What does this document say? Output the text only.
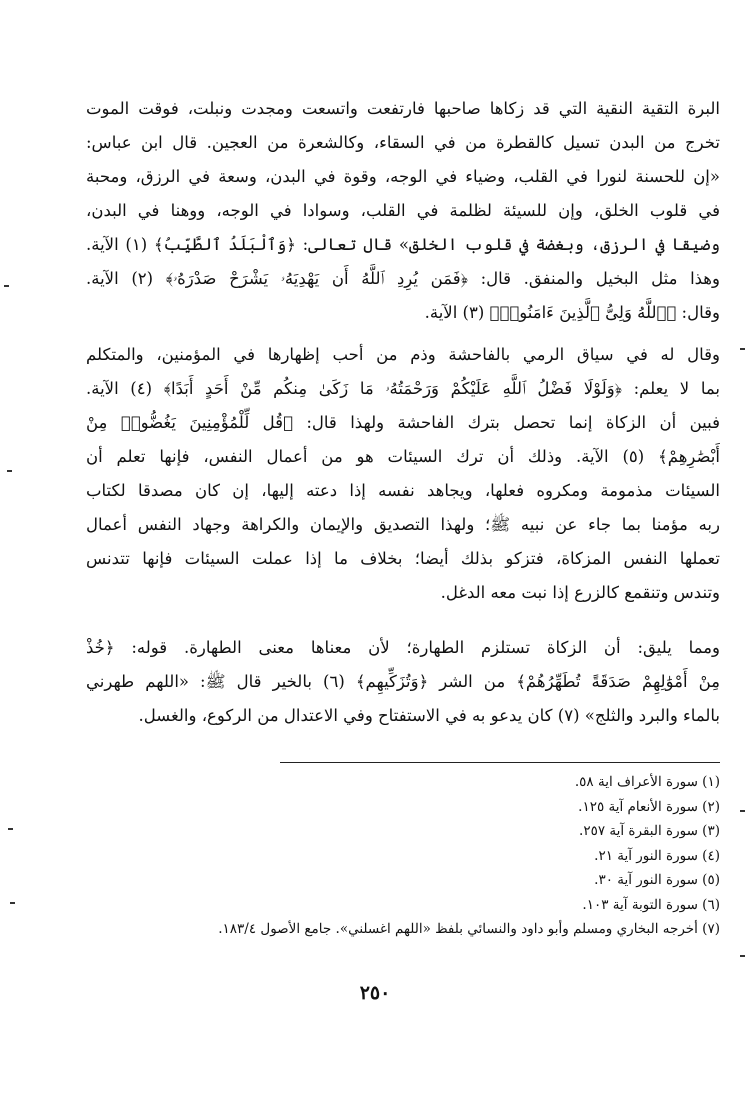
البرة التقية النقية التي قد زكاها صاحبها فارتفعت واتسعت ومجدت ونبلت، فوقت الموت
تخرج من البدن تسيل كالقطرة من في السقاء، وكالشعرة من العجين. قال ابن عباس:
«إن للحسنة لنورا في القلب، وضياء في الوجه، وقوة في البدن، وسعة في الرزق، ومحبة
في قلوب الخلق، وإن للسيئة لظلمة في القلب، وسوادا في الوجه، ووهنا في البدن،
وضيقا في الرزق، وبغضة في قلوب الخلق» قال تعالى: ﴿وَٱلْبَلَدُ ٱلطَّيِّبُ﴾ (١) الآية.
وهذا مثل البخيل والمنفق. قال: ﴿فَمَن يُرِدِ ٱللَّهُ أَن يَهْدِيَهُۥ يَشْرَحْ صَدْرَهُۥ﴾ (٢) الآية.
وقال: ﴿ٱللَّهُ وَلِىُّ ٱلَّذِينَ ءَامَنُوا۟﴾ (٣) الآية.
وقال له في سياق الرمي بالفاحشة وذم من أحب إظهارها في المؤمنين، والمتكلم
بما لا يعلم: ﴿وَلَوْلَا فَضْلُ ٱللَّهِ عَلَيْكُمْ وَرَحْمَتُهُۥ مَا زَكَىٰ مِنكُم مِّنْ أَحَدٍ أَبَدًا﴾ (٤) الآية.
فبين أن الزكاة إنما تحصل بترك الفاحشة ولهذا قال: ﴿قُل لِّلْمُؤْمِنِينَ يَغُضُّوا۟ مِنْ
أَبْصَٰرِهِمْ﴾ (٥) الآية. وذلك أن ترك السيئات هو من أعمال النفس، فإنها تعلم أن
السيئات مذمومة ومكروه فعلها، ويجاهد نفسه إذا دعته إليها، إن كان مصدقا لكتاب
ربه مؤمنا بما جاء عن نبيه ﷺ؛ ولهذا التصديق والإيمان والكراهة وجهاد النفس أعمال
تعملها النفس المزكاة، فتزكو بذلك أيضا؛ بخلاف ما إذا عملت السيئات فإنها تتدنس
وتندس وتنقمع كالزرع إذا نبت معه الدغل.
ومما يليق: أن الزكاة تستلزم الطهارة؛ لأن معناها معنى الطهارة. قوله: ﴿خُذْ
مِنْ أَمْوَٰلِهِمْ صَدَقَةً تُطَهِّرُهُمْ﴾ من الشر ﴿وَتُزَكِّيهِم﴾ (٦) بالخير قال ﷺ: «اللهم طهرني
بالماء والبرد والثلج» (٧) كان يدعو به في الاستفتاح وفي الاعتدال من الركوع، والغسل.
(١) سورة الأعراف اية ٥٨.
(٢) سورة الأنعام آية ١٢٥.
(٣) سورة البقرة آية ٢٥٧.
(٤) سورة النور آية ٢١.
(٥) سورة النور آية ٣٠.
(٦) سورة التوبة آية ١٠٣.
(٧) أخرجه البخاري ومسلم وأبو داود والنسائي بلفظ «اللهم اغسلني». جامع الأصول ١٨٣/٤.
٢٥٠
